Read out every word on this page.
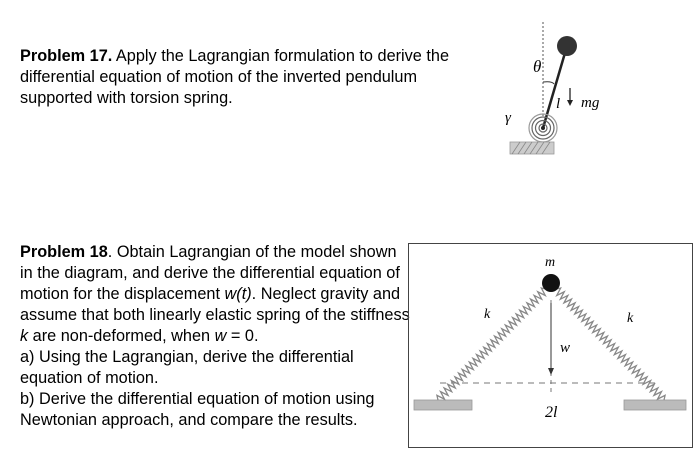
Problem 17. Apply the Lagrangian formulation to derive the differential equation of motion of the inverted pendulum supported with torsion spring.
θ
l mg
γ
Problem 18. Obtain Lagrangian of the model shown in the diagram, and derive the differential equation of motion for the displacement w(t). Neglect gravity and assume that both linearly elastic spring of the stiffness k are non-deformed, when w = 0.
a) Using the Lagrangian, derive the differential equation of motion.
b) Derive the differential equation of motion using Newtonian approach, and compare the results.
m
k	k
w
2l
